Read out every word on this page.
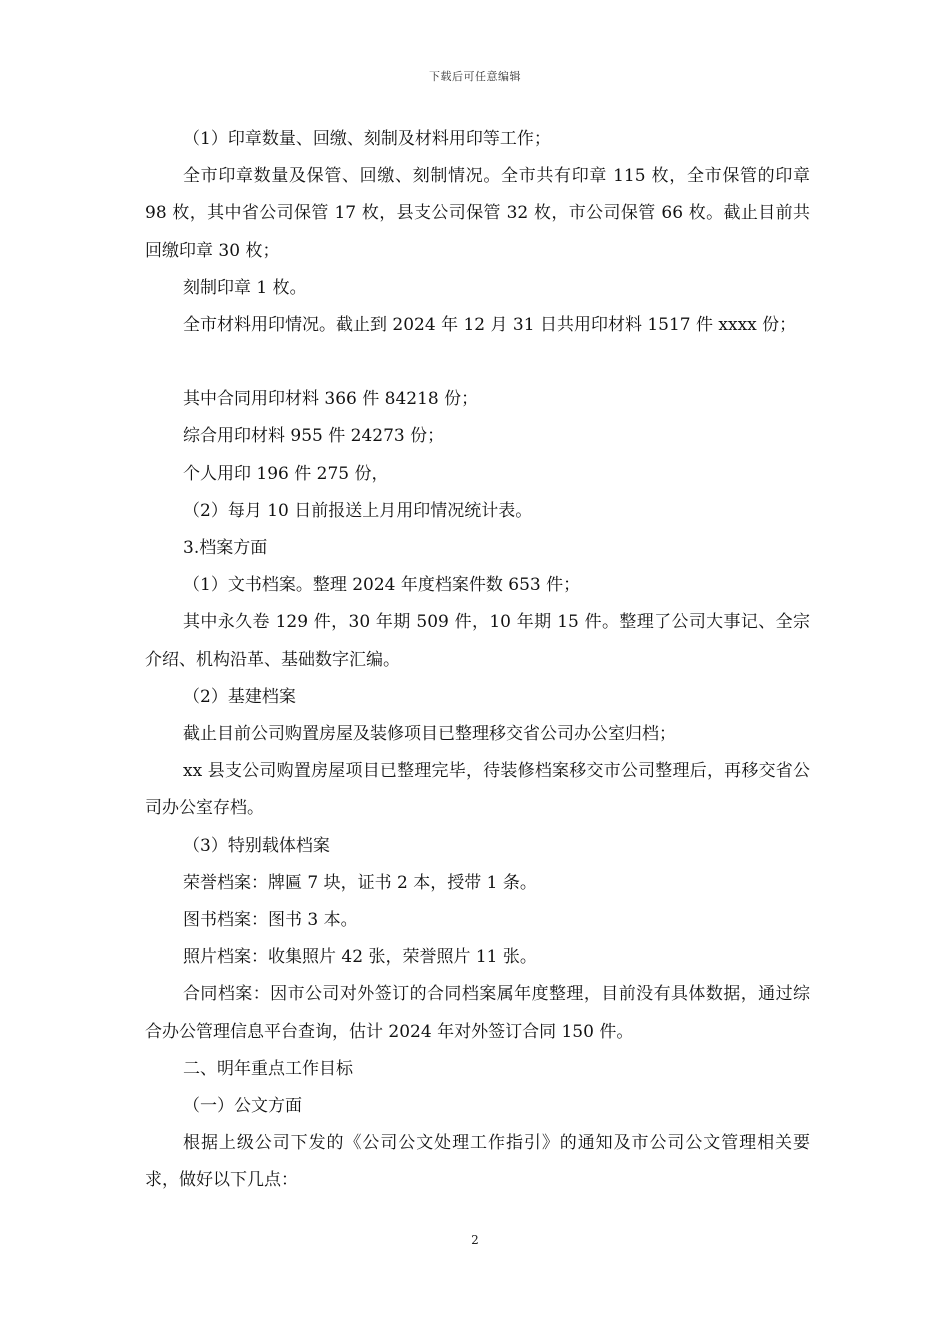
下载后可任意编辑

（1）印章数量、回缴、刻制及材料用印等工作；

全市印章数量及保管、回缴、刻制情况。全市共有印章 115 枚，全市保管的印章 98 枚，其中省公司保管 17 枚，县支公司保管 32 枚，市公司保管 66 枚。截止目前共回缴印章 30 枚；

刻制印章 1 枚。

全市材料用印情况。截止到 2024 年 12 月 31 日共用印材料 1517 件 xxxx 份；

其中合同用印材料 366 件 84218 份；

综合用印材料 955 件 24273 份；

个人用印 196 件 275 份，

（2）每月 10 日前报送上月用印情况统计表。

3.档案方面

（1）文书档案。整理 2024 年度档案件数 653 件；

其中永久卷 129 件，30 年期 509 件，10 年期 15 件。整理了公司大事记、全宗介绍、机构沿革、基础数字汇编。

（2）基建档案

截止目前公司购置房屋及装修项目已整理移交省公司办公室归档；

xx 县支公司购置房屋项目已整理完毕，待装修档案移交市公司整理后，再移交省公司办公室存档。

（3）特别载体档案

荣誉档案：牌匾 7 块，证书 2 本，授带 1 条。

图书档案：图书 3 本。

照片档案：收集照片 42 张，荣誉照片 11 张。

合同档案：因市公司对外签订的合同档案属年度整理，目前没有具体数据，通过综合办公管理信息平台查询，估计 2024 年对外签订合同 150 件。

二、明年重点工作目标

（一）公文方面

根据上级公司下发的《公司公文处理工作指引》的通知及市公司公文管理相关要求，做好以下几点：

2
